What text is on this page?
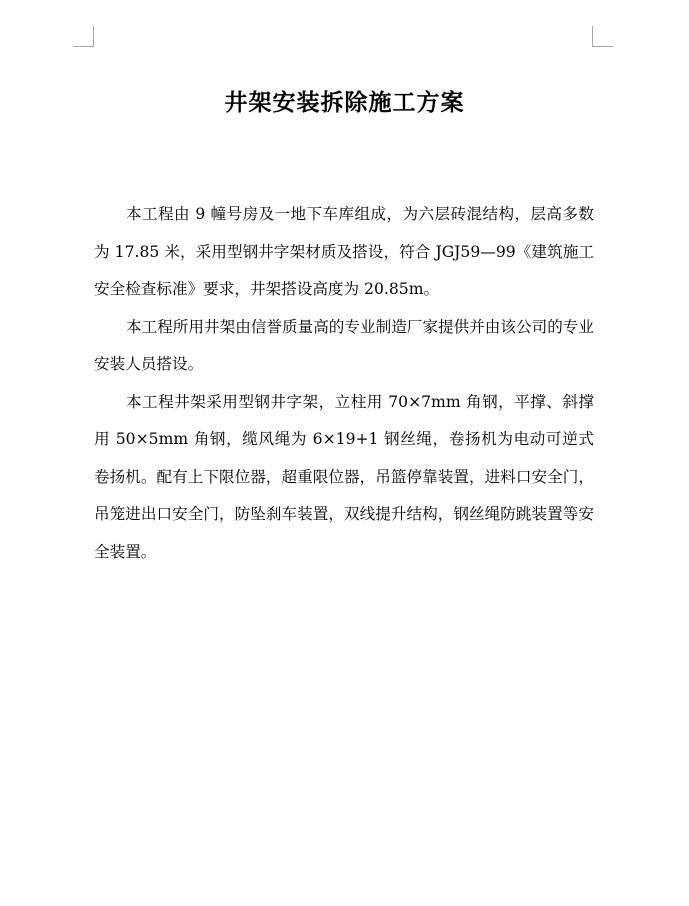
井架安装拆除施工方案

本工程由 9 幢号房及一地下车库组成，为六层砖混结构，层高多数为 17.85 米，采用型钢井字架材质及搭设，符合 JGJ59—99《建筑施工安全检查标准》要求，井架搭设高度为 20.85m。

本工程所用井架由信誉质量高的专业制造厂家提供并由该公司的专业安装人员搭设。

本工程井架采用型钢井字架，立柱用 70×7mm 角钢，平撑、斜撑用 50×5mm 角钢，缆风绳为 6×19+1 钢丝绳，卷扬机为电动可逆式卷扬机。配有上下限位器，超重限位器，吊篮停靠装置，进料口安全门，吊笼进出口安全门，防坠刹车装置，双线提升结构，钢丝绳防跳装置等安全装置。
